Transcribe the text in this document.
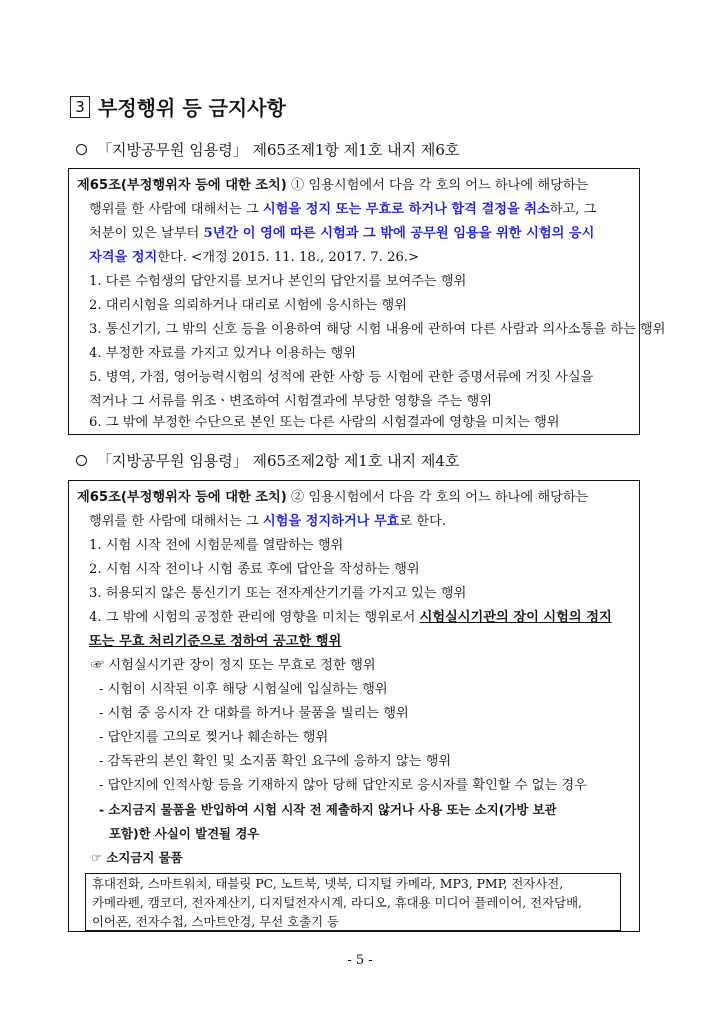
3 부정행위 등 금지사항
「지방공무원 임용령」 제65조제1항 제1호 내지 제6호
제65조(부정행위자 등에 대한 조치) ① 임용시험에서 다음 각 호의 어느 하나에 해당하는
행위를 한 사람에 대해서는 그 시험을 정지 또는 무효로 하거나 합격 결정을 취소하고, 그
처분이 있은 날부터 5년간 이 영에 따른 시험과 그 밖에 공무원 임용을 위한 시험의 응시
자격을 정지한다. <개정 2015. 11. 18., 2017. 7. 26.>
1. 다른 수험생의 답안지를 보거나 본인의 답안지를 보여주는 행위
2. 대리시험을 의뢰하거나 대리로 시험에 응시하는 행위
3. 통신기기, 그 밖의 신호 등을 이용하여 해당 시험 내용에 관하여 다른 사람과 의사소통을 하는 행위
4. 부정한 자료를 가지고 있거나 이용하는 행위
5. 병역, 가점, 영어능력시험의 성적에 관한 사항 등 시험에 관한 증명서류에 거짓 사실을
적거나 그 서류를 위조ㆍ변조하여 시험결과에 부당한 영향을 주는 행위
6. 그 밖에 부정한 수단으로 본인 또는 다른 사람의 시험결과에 영향을 미치는 행위
「지방공무원 임용령」 제65조제2항 제1호 내지 제4호
제65조(부정행위자 등에 대한 조치) ② 임용시험에서 다음 각 호의 어느 하나에 해당하는
행위를 한 사람에 대해서는 그 시험을 정지하거나 무효로 한다.
1. 시험 시작 전에 시험문제를 열람하는 행위
2. 시험 시작 전이나 시험 종료 후에 답안을 작성하는 행위
3. 허용되지 않은 통신기기 또는 전자계산기기를 가지고 있는 행위
4. 그 밖에 시험의 공정한 관리에 영향을 미치는 행위로서 시험실시기관의 장이 시험의 정지
또는 무효 처리기준으로 정하여 공고한 행위
☞ 시험실시기관 장이 정지 또는 무효로 정한 행위
- 시험이 시작된 이후 해당 시험실에 입실하는 행위
- 시험 중 응시자 간 대화를 하거나 물품을 빌리는 행위
- 답안지를 고의로 찢거나 훼손하는 행위
- 감독관의 본인 확인 및 소지품 확인 요구에 응하지 않는 행위
- 답안지에 인적사항 등을 기재하지 않아 당해 답안지로 응시자를 확인할 수 없는 경우
- 소지금지 물품을 반입하여 시험 시작 전 제출하지 않거나 사용 또는 소지(가방 보관
포함)한 사실이 발견될 경우
☞ 소지금지 물품
휴대전화, 스마트워치, 태블릿 PC, 노트북, 넷북, 디지털 카메라, MP3, PMP, 전자사전,
카메라펜, 캠코더, 전자계산기, 디지털전자시계, 라디오, 휴대용 미디어 플레이어, 전자담배,
이어폰, 전자수첩, 스마트안경, 무선 호출기 등
- 5 -
